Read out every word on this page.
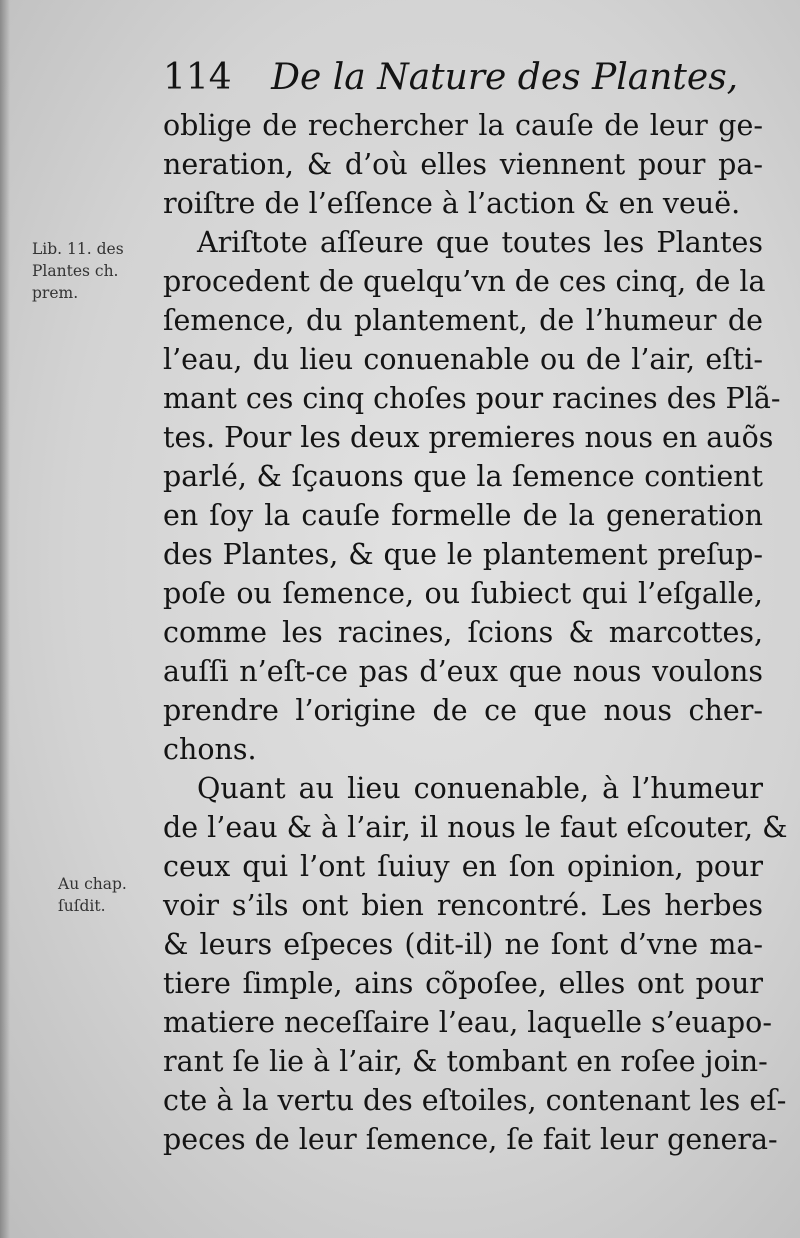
114 De la Nature des Plantes,
Lib. 11. des
Plantes ch.
prem.
Au chap.
ſuſdit.
oblige de rechercher la cauſe de leur ge-
neration, & d’où elles viennent pour pa-
roiſtre de l’eſſence à l’action & en veuë.
Ariſtote aſſeure que toutes les Plantes
procedent de quelqu’vn de ces cinq, de la
ſemence, du plantement, de l’humeur de
l’eau, du lieu conuenable ou de l’air, eſti-
mant ces cinq choſes pour racines des Plã-
tes. Pour les deux premieres nous en auõs
parlé, & ſçauons que la ſemence contient
en ſoy la cauſe formelle de la generation
des Plantes, & que le plantement preſup-
poſe ou ſemence, ou ſubiect qui l’eſgalle,
comme les racines, ſcions & marcottes,
auſſi n’eſt-ce pas d’eux que nous voulons
prendre l’origine de ce que nous cher-
chons.
Quant au lieu conuenable, à l’humeur
de l’eau & à l’air, il nous le faut eſcouter, &
ceux qui l’ont ſuiuy en ſon opinion, pour
voir s’ils ont bien rencontré. Les herbes
& leurs eſpeces (dit-il) ne ſont d’vne ma-
tiere ſimple, ains cõpoſee, elles ont pour
matiere neceſſaire l’eau, laquelle s’euapo-
rant ſe lie à l’air, & tombant en roſee join-
cte à la vertu des eſtoiles, contenant les eſ-
peces de leur ſemence, ſe fait leur genera-
